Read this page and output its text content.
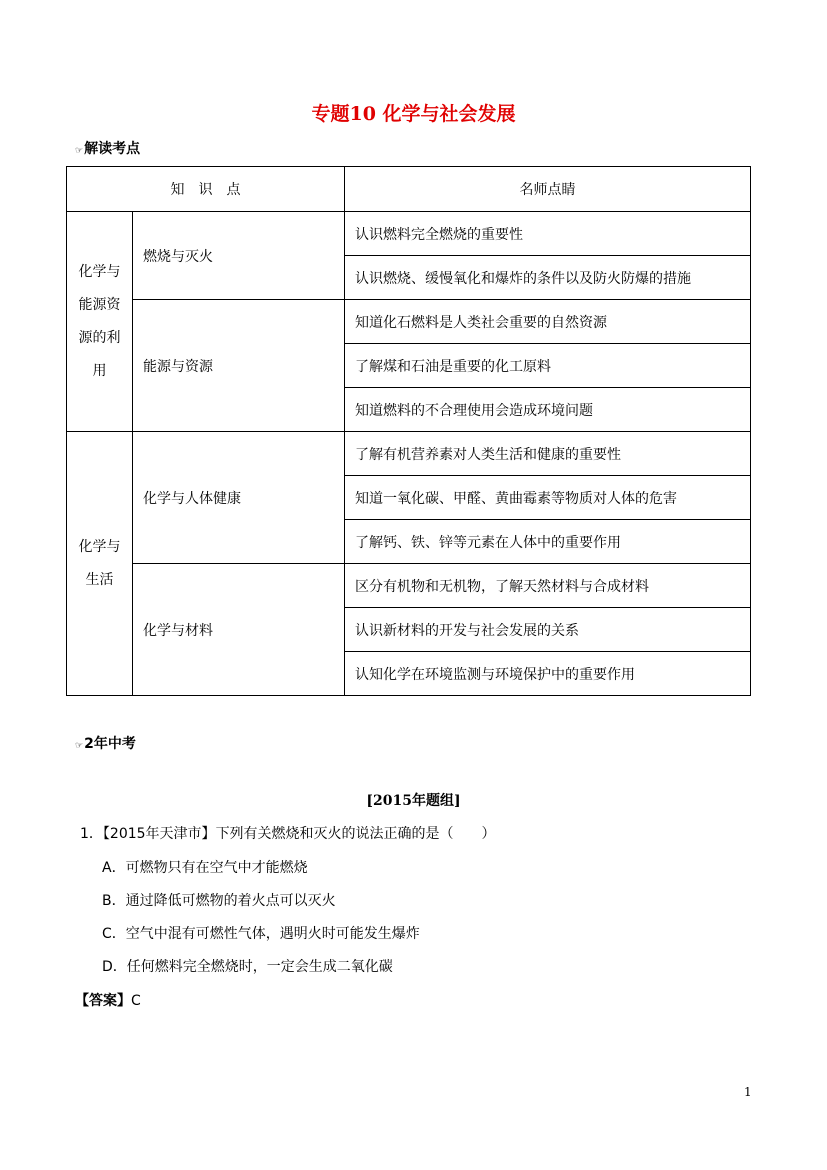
专题10 化学与社会发展
☞解读考点
知　识　点		名师点睛

化学与
能源资
源的利
用	燃烧与灭火	认识燃料完全燃烧的重要性
		认识燃烧、缓慢氧化和爆炸的条件以及防火防爆的措施
	能源与资源	知道化石燃料是人类社会重要的自然资源
		了解煤和石油是重要的化工原料
		知道燃料的不合理使用会造成环境问题

化学与
生活	化学与人体健康	了解有机营养素对人类生活和健康的重要性
		知道一氧化碳、甲醛、黄曲霉素等物质对人体的危害
		了解钙、铁、锌等元素在人体中的重要作用
	化学与材料	区分有机物和无机物，了解天然材料与合成材料
		认识新材料的开发与社会发展的关系
		认知化学在环境监测与环境保护中的重要作用
☞2年中考
[2015年题组]
1．【2015年天津市】下列有关燃烧和灭火的说法正确的是（　　）
A．可燃物只有在空气中才能燃烧
B．通过降低可燃物的着火点可以灭火
C．空气中混有可燃性气体，遇明火时可能发生爆炸
D．任何燃料完全燃烧时，一定会生成二氧化碳
【答案】C
1
